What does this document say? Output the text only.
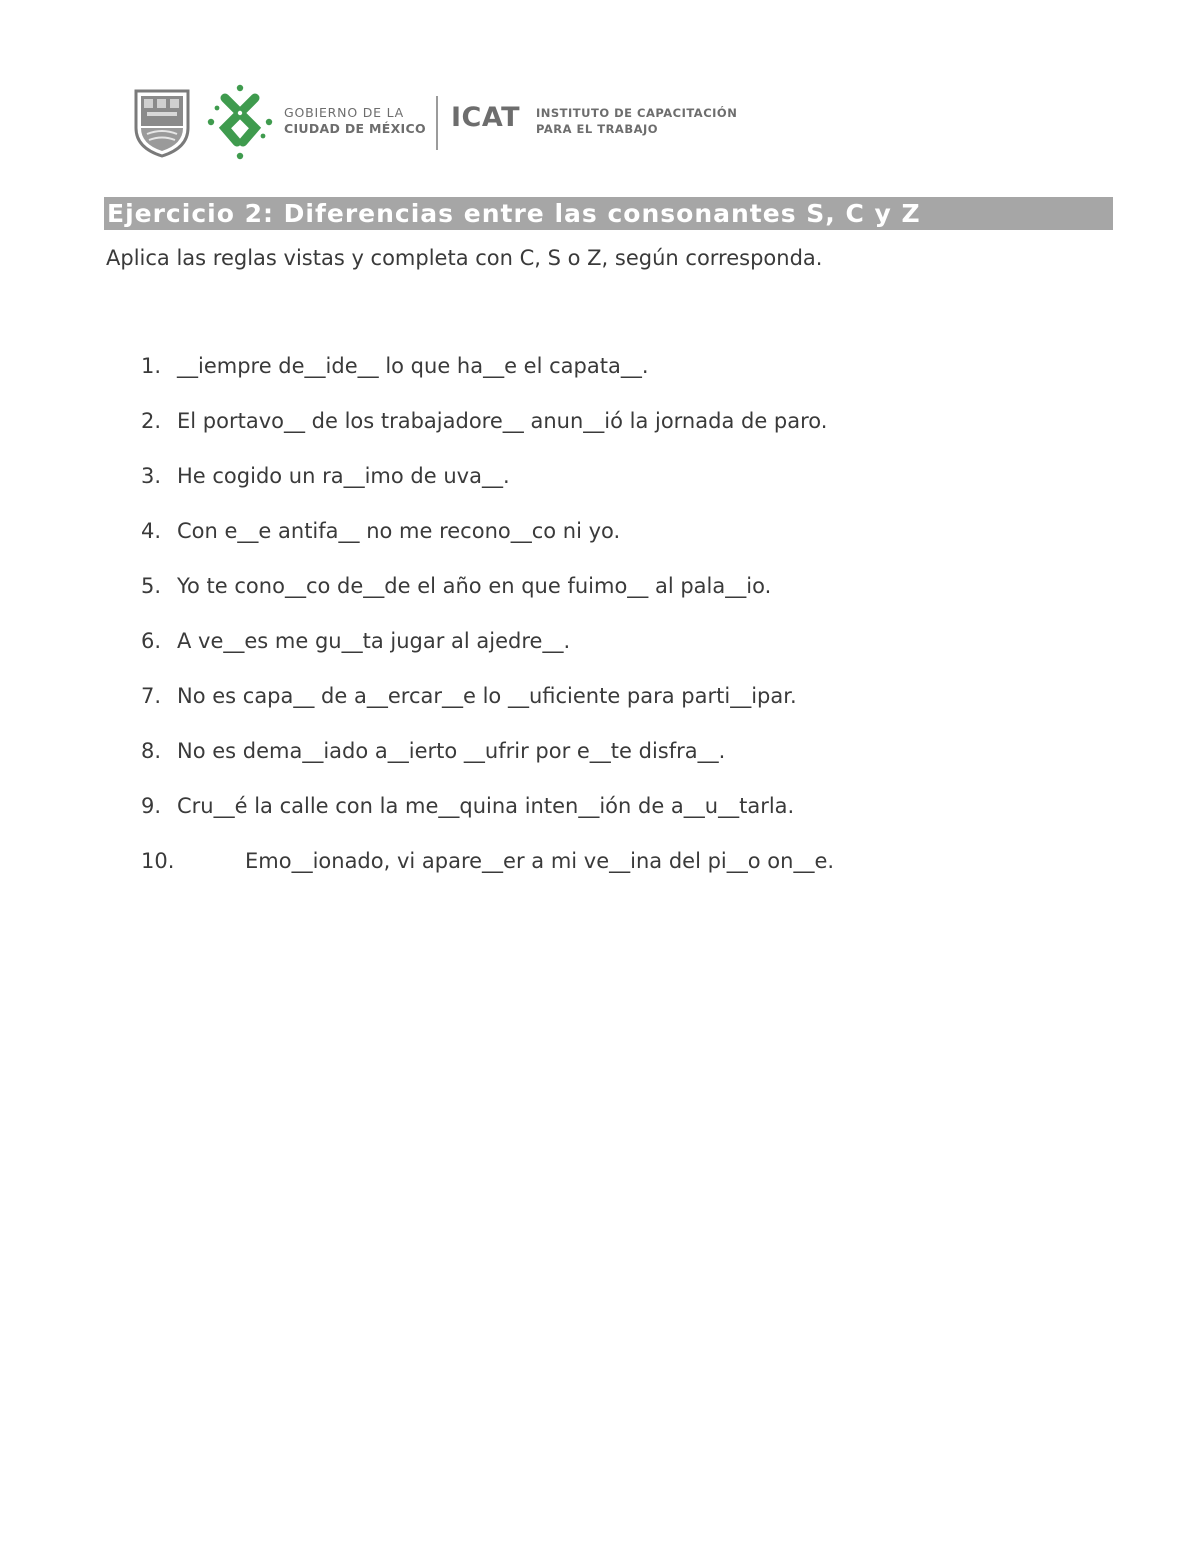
GOBIERNO DE LA
CIUDAD DE MÉXICO ICAT INSTITUTO DE CAPACITACIÓN
PARA EL TRABAJO
Ejercicio 2: Diferencias entre las consonantes S, C y Z
Aplica las reglas vistas y completa con C, S o Z, según corresponda.
1. __iempre de__ide__ lo que ha__e el capata__.
2. El portavo__ de los trabajadore__ anun__ió la jornada de paro.
3. He cogido un ra__imo de uva__.
4. Con e__e antifa__ no me recono__co ni yo.
5. Yo te cono__co de__de el año en que fuimo__ al pala__io.
6. A ve__es me gu__ta jugar al ajedre__.
7. No es capa__ de a__ercar__e lo __uficiente para parti__ipar.
8. No es dema__iado a__ierto __ufrir por e__te disfra__.
9. Cru__é la calle con la me__quina inten__ión de a__u__tarla.
10.	Emo__ionado, vi apare__er a mi ve__ina del pi__o on__e.
